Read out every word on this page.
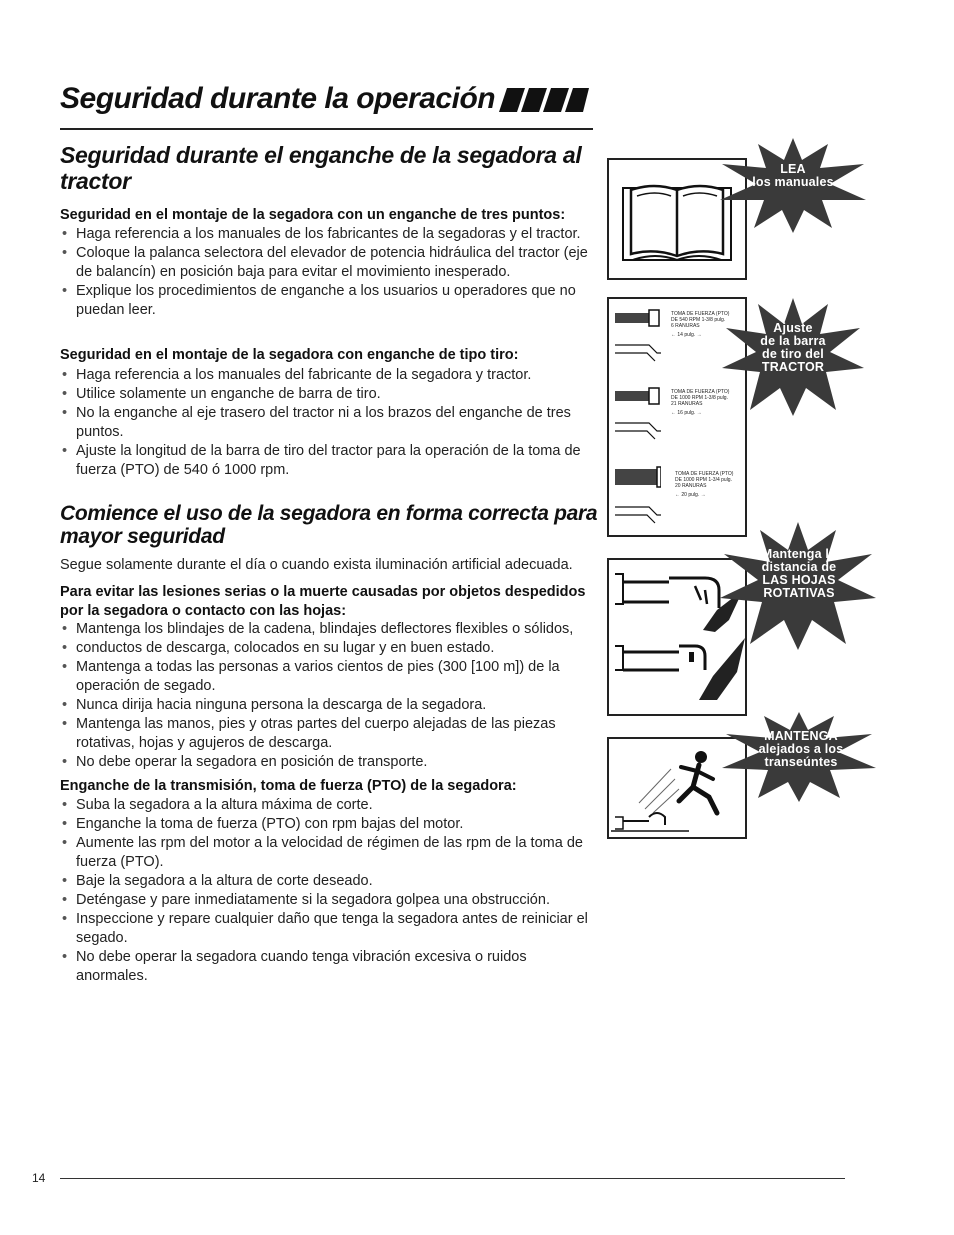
Seguridad durante la operación
Seguridad durante el enganche de la segadora al tractor
Seguridad en el montaje de la segadora con un enganche de tres puntos:
• Haga referencia a los manuales de los fabricantes de la segadoras y el tractor.
• Coloque la palanca selectora del elevador de potencia hidráulica del tractor (eje de balancín) en posición baja para evitar el movimiento inesperado.
• Explique los procedimientos de enganche a los usuarios u operadores que no puedan leer.
Seguridad en el montaje de la segadora con enganche de tipo tiro:
• Haga referencia a los manuales del fabricante de la segadora y tractor.
• Utilice solamente un enganche de barra de tiro.
• No la enganche al eje trasero del tractor ni a los brazos del enganche de tres puntos.
• Ajuste la longitud de la barra de tiro del tractor para la operación de la toma de fuerza (PTO) de 540 ó 1000 rpm.
Comience el uso de la segadora en forma correcta para mayor seguridad
Segue solamente durante el día o cuando exista iluminación artificial adecuada.
Para evitar las lesiones serias o la muerte causadas por objetos despedidos por la segadora o contacto con las hojas:
• Mantenga los blindajes de la cadena, blindajes deflectores flexibles o sólidos,
• conductos de descarga, colocados en su lugar y en buen estado.
• Mantenga a todas las personas a varios cientos de pies (300 [100 m]) de la operación de segado.
• Nunca dirija hacia ninguna persona la descarga de la segadora.
• Mantenga las manos, pies y otras partes del cuerpo alejadas de las piezas rotativas, hojas y agujeros de descarga.
• No debe operar la segadora en posición de transporte.
Enganche de la transmisión, toma de fuerza (PTO) de la segadora:
• Suba la segadora a la altura máxima de corte.
• Enganche la toma de fuerza (PTO) con rpm bajas del motor.
• Aumente las rpm del motor a la velocidad de régimen de las rpm de la toma de fuerza (PTO).
• Baje la segadora a la altura de corte deseado.
• Deténgase y pare inmediatamente si la segadora golpea una obstrucción.
• Inspeccione y repare cualquier daño que tenga la segadora antes de reiniciar el segado.
• No debe operar la segadora cuando tenga vibración excesiva o ruidos anormales.
LEA
los manuales
TOMA DE FUERZA (PTO)
DE 540 RPM 1-3/8 pulg.
6 RANURAS
← 14 pulg. →
TOMA DE FUERZA (PTO)
DE 1000 RPM 1-3/8 pulg.
21 RANURAS
← 16 pulg. →
TOMA DE FUERZA (PTO)
DE 1000 RPM 1-3/4 pulg.
20 RANURAS
← 20 pulg. →
Ajuste
de la barra
de tiro del
TRACTOR
Mantenga la
distancia de
LAS HOJAS
ROTATIVAS
MANTENGA
alejados a los
transeúntes
14
